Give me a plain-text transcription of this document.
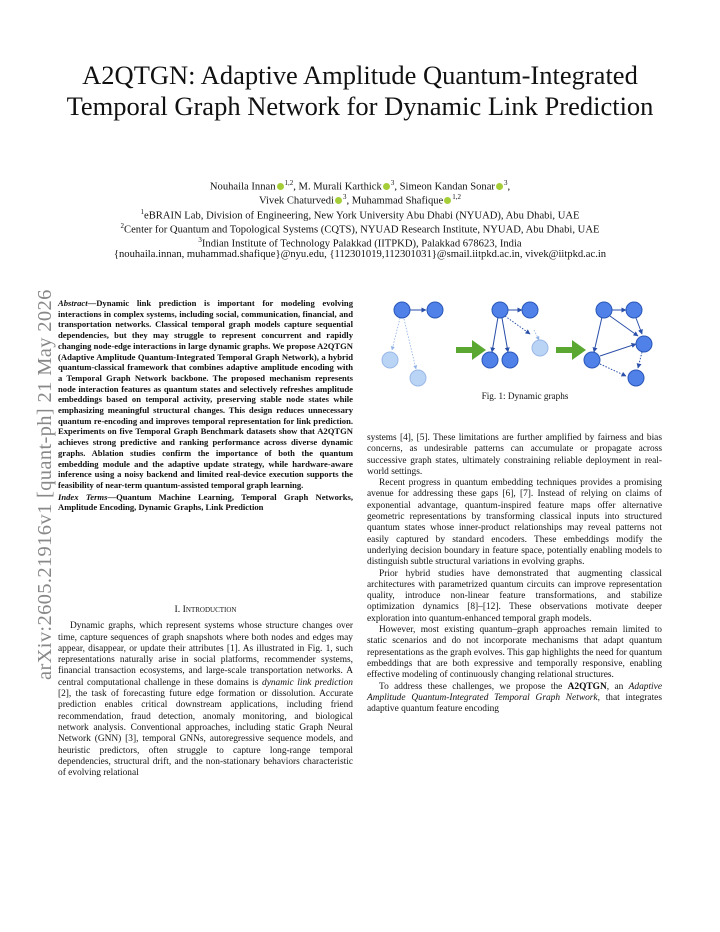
arXiv:2605.21916v1 [quant-ph] 21 May 2026
A2QTGN: Adaptive Amplitude Quantum-Integrated Temporal Graph Network for Dynamic Link Prediction
Nouhaila Innan $^{1,2}$, M. Murali Karthick $^3$, Simeon Kandan Sonar $^3$,
Vivek Chaturvedi $^3$, Muhammad Shafique $^{1,2}$
$^1$eBRAIN Lab, Division of Engineering, New York University Abu Dhabi (NYUAD), Abu Dhabi, UAE
$^2$Center for Quantum and Topological Systems (CQTS), NYUAD Research Institute, NYUAD, Abu Dhabi, UAE
$^3$Indian Institute of Technology Palakkad (IITPKD), Palakkad 678623, India
{nouhaila.innan, muhammad.shafique}@nyu.edu, {112301019,112301031}@smail.iitpkd.ac.in, vivek@iitpkd.ac.in

Abstract—Dynamic link prediction is important for modeling evolving interactions in complex systems, including social, communication, financial, and transportation networks. Classical temporal graph models capture sequential dependencies, but they may struggle to represent concurrent and rapidly changing node-edge interactions in large dynamic graphs. We propose A2QTGN (Adaptive Amplitude Quantum-Integrated Temporal Graph Network), a hybrid quantum-classical framework that combines adaptive amplitude encoding with a Temporal Graph Network backbone. The proposed mechanism represents node interaction features as quantum states and selectively refreshes amplitude embeddings based on temporal activity, preserving stable node states while emphasizing meaningful structural changes. This design reduces unnecessary quantum re-encoding and improves temporal representation for link prediction. Experiments on five Temporal Graph Benchmark datasets show that A2QTGN achieves strong predictive and ranking performance across diverse dynamic graphs. Ablation studies confirm the importance of both the quantum embedding module and the adaptive update strategy, while hardware-aware inference using a noisy backend and limited real-device execution supports the feasibility of near-term quantum-assisted temporal graph learning.

Index Terms—Quantum Machine Learning, Temporal Graph Networks, Amplitude Encoding, Dynamic Graphs, Link Prediction

I. Introduction

Dynamic graphs, which represent systems whose structure changes over time, capture sequences of graph snapshots where both nodes and edges may appear, disappear, or update their attributes [1]. As illustrated in Fig. 1, such representations naturally arise in social platforms, recommender systems, financial transaction ecosystems, and large-scale transportation networks. A central computational challenge in these domains is dynamic link prediction [2], the task of forecasting future edge formation or dissolution. Accurate prediction enables critical downstream applications, including friend recommendation, fraud detection, anomaly monitoring, and biological network analysis. Conventional approaches, including static Graph Neural Network (GNN) [3], temporal GNNs, autoregressive sequence models, and heuristic predictors, often struggle to capture long-range temporal dependencies, structural drift, and the non-stationary behaviors characteristic of evolving relational

Fig. 1: Dynamic graphs

systems [4], [5]. These limitations are further amplified by fairness and bias concerns, as undesirable patterns can accumulate or propagate across successive graph states, ultimately constraining reliable deployment in real-world settings.

Recent progress in quantum embedding techniques provides a promising avenue for addressing these gaps [6], [7]. Instead of relying on claims of exponential advantage, quantum-inspired feature maps offer alternative geometric representations by transforming classical inputs into structured quantum states whose inner-product relationships may reveal patterns not easily captured by standard encoders. These embeddings modify the underlying decision boundary in feature space, potentially enabling models to distinguish subtle structural variations in evolving graphs.

Prior hybrid studies have demonstrated that augmenting classical architectures with parametrized quantum circuits can improve representation quality, introduce non-linear feature transformations, and stabilize optimization dynamics [8]–[12]. These observations motivate deeper exploration into quantum-enhanced temporal graph models.

However, most existing quantum–graph approaches remain limited to static scenarios and do not incorporate mechanisms that adapt quantum representations as the graph evolves. This gap highlights the need for quantum embeddings that are both expressive and temporally responsive, enabling effective modeling of continuously changing relational structures.

To address these challenges, we propose the A2QTGN, an Adaptive Amplitude Quantum-Integrated Temporal Graph Network, that integrates adaptive quantum feature encoding
